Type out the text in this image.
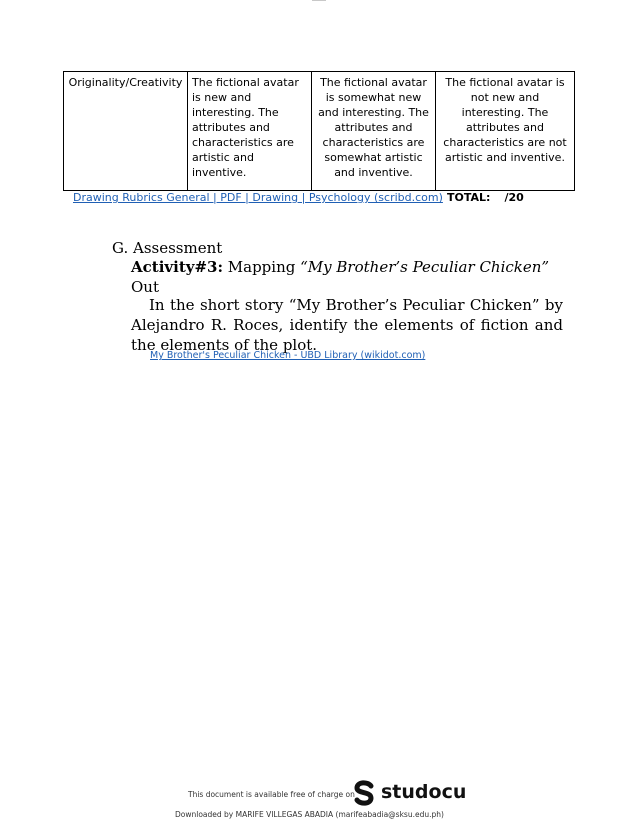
Originality/Creativity	The fictional avatar is new and interesting. The attributes and characteristics are artistic and inventive.	The fictional avatar is somewhat new and interesting. The attributes and characteristics are somewhat artistic and inventive.	The fictional avatar is not new and interesting. The attributes and characteristics are not artistic and inventive.
Drawing Rubrics General | PDF | Drawing | Psychology (scribd.com) TOTAL: /20
G. Assessment
Activity#3: Mapping “My Brother’s Peculiar Chicken”
Out
In the short story “My Brother’s Peculiar Chicken” by Alejandro R. Roces, identify the elements of fiction and the elements of the plot.
My Brother's Peculiar Chicken - UBD Library (wikidot.com)
This document is available free of charge on studocu
Downloaded by MARIFE VILLEGAS ABADIA (marifeabadia@sksu.edu.ph)
